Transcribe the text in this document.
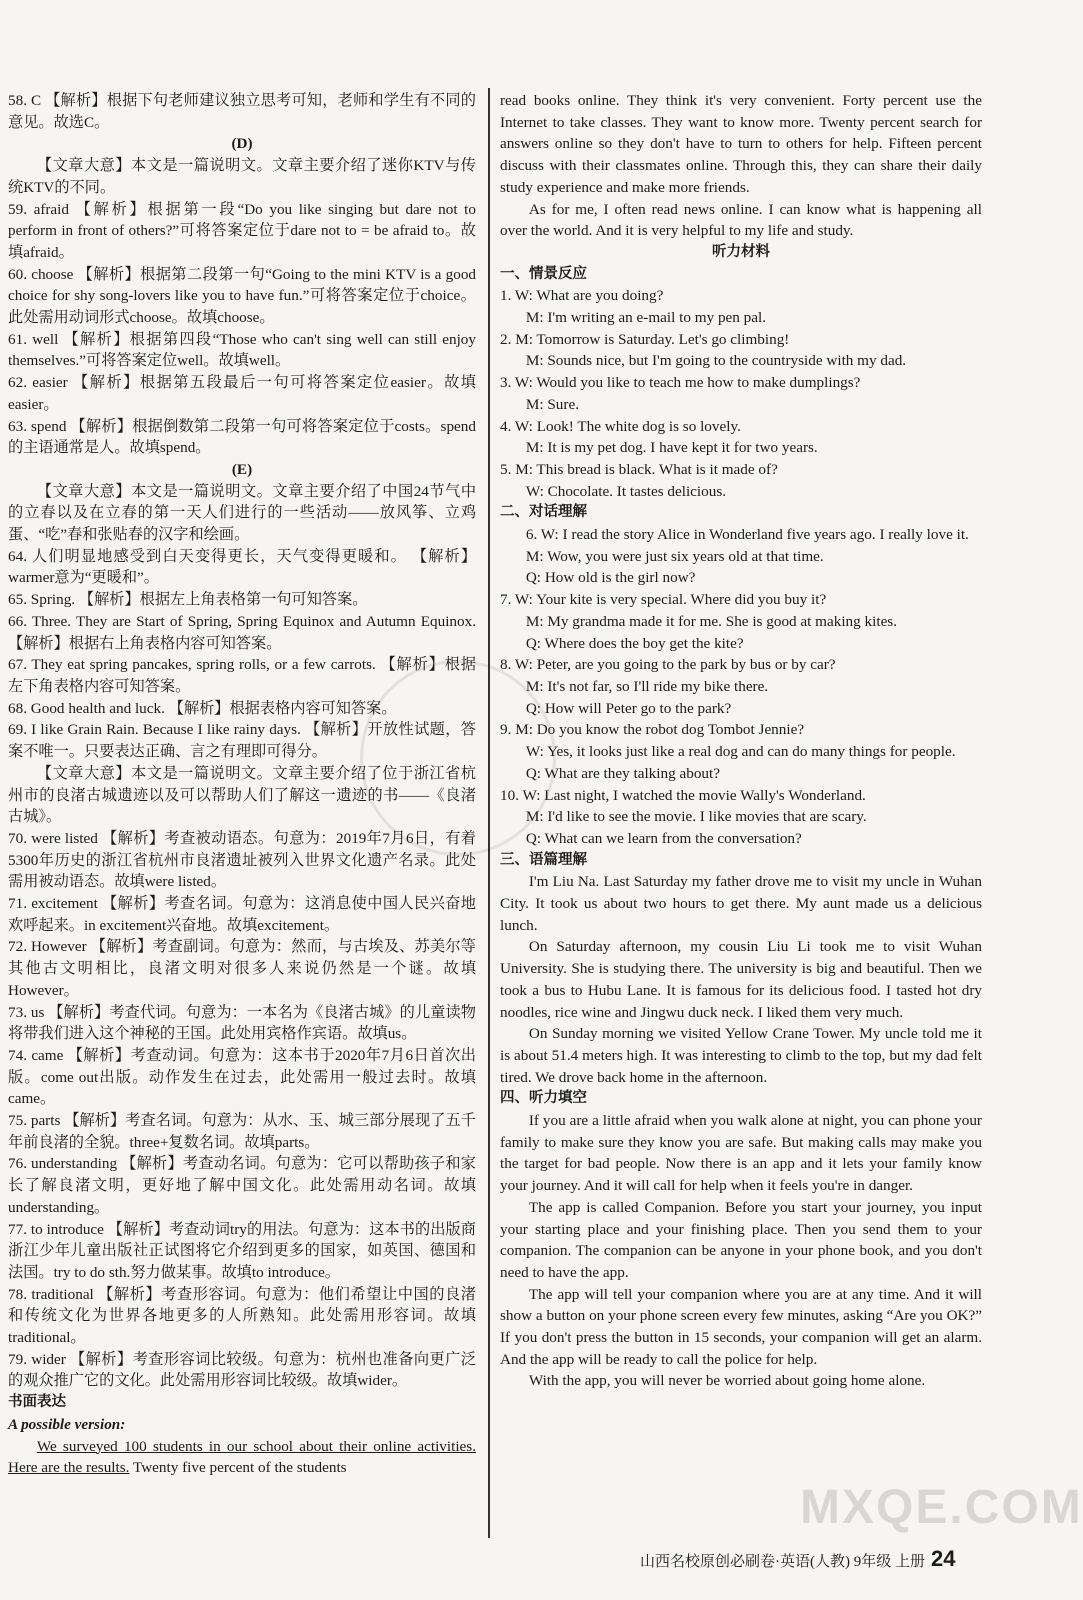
58. C 【解析】根据下句老师建议独立思考可知，老师和学生有不同的意见。故选C。

(D)

【文章大意】本文是一篇说明文。文章主要介绍了迷你KTV与传统KTV的不同。

59. afraid 【解析】根据第一段“Do you like singing but dare not to perform in front of others?”可将答案定位于dare not to = be afraid to。故填afraid。

60. choose 【解析】根据第二段第一句“Going to the mini KTV is a good choice for shy song-lovers like you to have fun.”可将答案定位于choice。此处需用动词形式choose。故填choose。

61. well 【解析】根据第四段“Those who can't sing well can still enjoy themselves.”可将答案定位well。故填well。

62. easier 【解析】根据第五段最后一句可将答案定位easier。故填easier。

63. spend 【解析】根据倒数第二段第一句可将答案定位于costs。spend的主语通常是人。故填spend。

(E)

【文章大意】本文是一篇说明文。文章主要介绍了中国24节气中的立春以及在立春的第一天人们进行的一些活动——放风筝、立鸡蛋、“吃”春和张贴春的汉字和绘画。

64. 人们明显地感受到白天变得更长，天气变得更暖和。 【解析】warmer意为“更暖和”。

65. Spring. 【解析】根据左上角表格第一句可知答案。

66. Three. They are Start of Spring, Spring Equinox and Autumn Equinox. 【解析】根据右上角表格内容可知答案。

67. They eat spring pancakes, spring rolls, or a few carrots. 【解析】根据左下角表格内容可知答案。

68. Good health and luck. 【解析】根据表格内容可知答案。

69. I like Grain Rain. Because I like rainy days. 【解析】开放性试题，答案不唯一。只要表达正确、言之有理即可得分。

【文章大意】本文是一篇说明文。文章主要介绍了位于浙江省杭州市的良渚古城遗迹以及可以帮助人们了解这一遗迹的书——《良渚古城》。

70. were listed 【解析】考查被动语态。句意为：2019年7月6日，有着5300年历史的浙江省杭州市良渚遗址被列入世界文化遗产名录。此处需用被动语态。故填were listed。

71. excitement 【解析】考查名词。句意为：这消息使中国人民兴奋地欢呼起来。in excitement兴奋地。故填excitement。

72. However 【解析】考查副词。句意为：然而，与古埃及、苏美尔等其他古文明相比，良渚文明对很多人来说仍然是一个谜。故填However。

73. us 【解析】考查代词。句意为：一本名为《良渚古城》的儿童读物将带我们进入这个神秘的王国。此处用宾格作宾语。故填us。

74. came 【解析】考查动词。句意为：这本书于2020年7月6日首次出版。come out出版。动作发生在过去，此处需用一般过去时。故填came。

75. parts 【解析】考查名词。句意为：从水、玉、城三部分展现了五千年前良渚的全貌。three+复数名词。故填parts。

76. understanding 【解析】考查动名词。句意为：它可以帮助孩子和家长了解良渚文明，更好地了解中国文化。此处需用动名词。故填understanding。

77. to introduce 【解析】考查动词try的用法。句意为：这本书的出版商浙江少年儿童出版社正试图将它介绍到更多的国家，如英国、德国和法国。try to do sth.努力做某事。故填to introduce。

78. traditional 【解析】考查形容词。句意为：他们希望让中国的良渚和传统文化为世界各地更多的人所熟知。此处需用形容词。故填traditional。

79. wider 【解析】考查形容词比较级。句意为：杭州也准备向更广泛的观众推广它的文化。此处需用形容词比较级。故填wider。

书面表达

A possible version:

We surveyed 100 students in our school about their online activities. Here are the results. Twenty five percent of the students

read books online. They think it's very convenient. Forty percent use the Internet to take classes. They want to know more. Twenty percent search for answers online so they don't have to turn to others for help. Fifteen percent discuss with their classmates online. Through this, they can share their daily study experience and make more friends.

As for me, I often read news online. I can know what is happening all over the world. And it is very helpful to my life and study.

听力材料

一、情景反应

1. W: What are you doing?

M: I'm writing an e-mail to my pen pal.

2. M: Tomorrow is Saturday. Let's go climbing!

M: Sounds nice, but I'm going to the countryside with my dad.

3. W: Would you like to teach me how to make dumplings?

M: Sure.

4. W: Look! The white dog is so lovely.

M: It is my pet dog. I have kept it for two years.

5. M: This bread is black. What is it made of?

W: Chocolate. It tastes delicious.

二、对话理解

6. W: I read the story Alice in Wonderland five years ago. I really love it.

M: Wow, you were just six years old at that time.

Q: How old is the girl now?

7. W: Your kite is very special. Where did you buy it?

M: My grandma made it for me. She is good at making kites.

Q: Where does the boy get the kite?

8. W: Peter, are you going to the park by bus or by car?

M: It's not far, so I'll ride my bike there.

Q: How will Peter go to the park?

9. M: Do you know the robot dog Tombot Jennie?

W: Yes, it looks just like a real dog and can do many things for people.

Q: What are they talking about?

10. W: Last night, I watched the movie Wally's Wonderland.

M: I'd like to see the movie. I like movies that are scary.

Q: What can we learn from the conversation?

三、语篇理解

I'm Liu Na. Last Saturday my father drove me to visit my uncle in Wuhan City. It took us about two hours to get there. My aunt made us a delicious lunch.

On Saturday afternoon, my cousin Liu Li took me to visit Wuhan University. She is studying there. The university is big and beautiful. Then we took a bus to Hubu Lane. It is famous for its delicious food. I tasted hot dry noodles, rice wine and Jingwu duck neck. I liked them very much.

On Sunday morning we visited Yellow Crane Tower. My uncle told me it is about 51.4 meters high. It was interesting to climb to the top, but my dad felt tired. We drove back home in the afternoon.

四、听力填空

If you are a little afraid when you walk alone at night, you can phone your family to make sure they know you are safe. But making calls may make you the target for bad people. Now there is an app and it lets your family know your journey. And it will call for help when it feels you're in danger.

The app is called Companion. Before you start your journey, you input your starting place and your finishing place. Then you send them to your companion. The companion can be anyone in your phone book, and you don't need to have the app.

The app will tell your companion where you are at any time. And it will show a button on your phone screen every few minutes, asking “Are you OK?” If you don't press the button in 15 seconds, your companion will get an alarm. And the app will be ready to call the police for help.

With the app, you will never be worried about going home alone.

山西名校原创必刷卷·英语(人教) 9年级 上册 24
MXQE.COM
